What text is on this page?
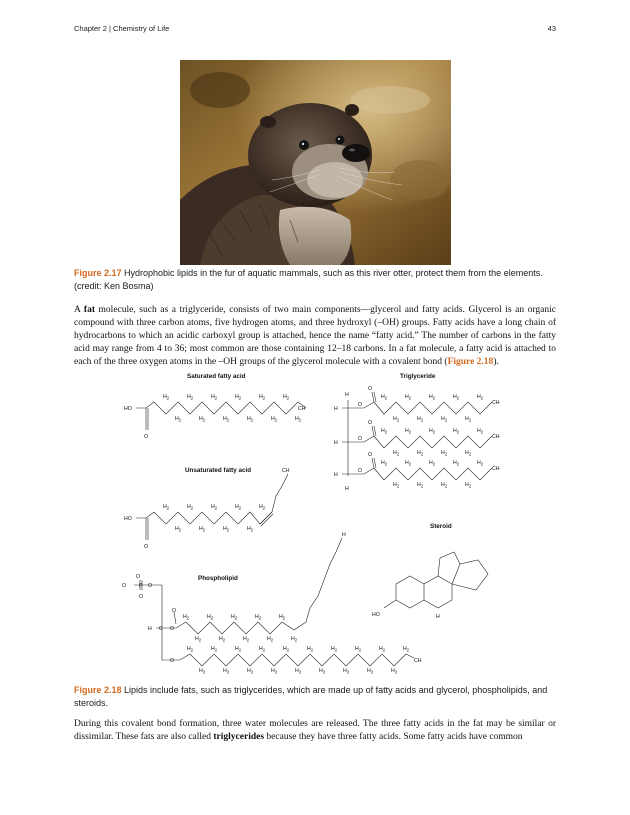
Chapter 2 | Chemistry of Life	43
Figure 2.17 Hydrophobic lipids in the fur of aquatic mammals, such as this river otter, protect them from the elements. (credit: Ken Bosma)
A fat molecule, such as a triglyceride, consists of two main components—glycerol and fatty acids. Glycerol is an organic compound with three carbon atoms, five hydrogen atoms, and three hydroxyl (–OH) groups. Fatty acids have a long chain of hydrocarbons to which an acidic carboxyl group is attached, hence the name “fatty acid.” The number of carbons in the fatty acid may range from 4 to 36; most common are those containing 12–18 carbons. In a fat molecule, a fatty acid is attached to each of the three oxygen atoms in the –OH groups of the glycerol molecule with a covalent bond (Figure 2.18).
Saturated fatty acid	Triglyceride
Unsaturated fatty acid
Steroid
Phospholipid
HO
O
CH
HO
O
CH
H
H
H
H
H
O
O
O
O
O
O
CH
CH
CH
O
O P O
O
H C O
O
O
CH
HO
H
H
$H_2$
$H_2$
$H_2$
$H_2$
$H_2$
$H_2$
$H_2$
$H_2$
$H_2$
$H_2$
$H_2$
$H_2$
$H_2$
$H_2$
$H_2$
$H_2$
$H_2$
$H_2$
$H_2$
$H_2$
$H_2$
$H_2$
$H_2$
$H_2$
$H_2$
$H_2$
$H_2$
$H_2$
$H_2$
$H_2$
$H_2$
$H_2$
$H_2$
$H_2$
$H_2$
$H_2$
$H_2$
$H_2$
$H_2$
$H_2$
$H_2$
$H_2$
$H_2$
$H_2$
$H_2$
$H_2$
$H_2$
$H_2$
$H_2$
$H_2$
$H_2$
$H_2$
$H_2$
$H_2$
$H_2$
$H_2$
$H_2$
$H_2$
$H_2$
$H_2$
$H_2$
$H_2$
$H_2$
$H_2$
$H_2$
$H_2$
$H_2$
$H_2$
$H_2$
$H_2$
$H_2$
$H_2$
$H_2$
$H_2$
$H_2$
$H_2$
$H_2$
Figure 2.18 Lipids include fats, such as triglycerides, which are made up of fatty acids and glycerol, phospholipids, and steroids.
During this covalent bond formation, three water molecules are released. The three fatty acids in the fat may be similar or dissimilar. These fats are also called triglycerides because they have three fatty acids. Some fatty acids have common
